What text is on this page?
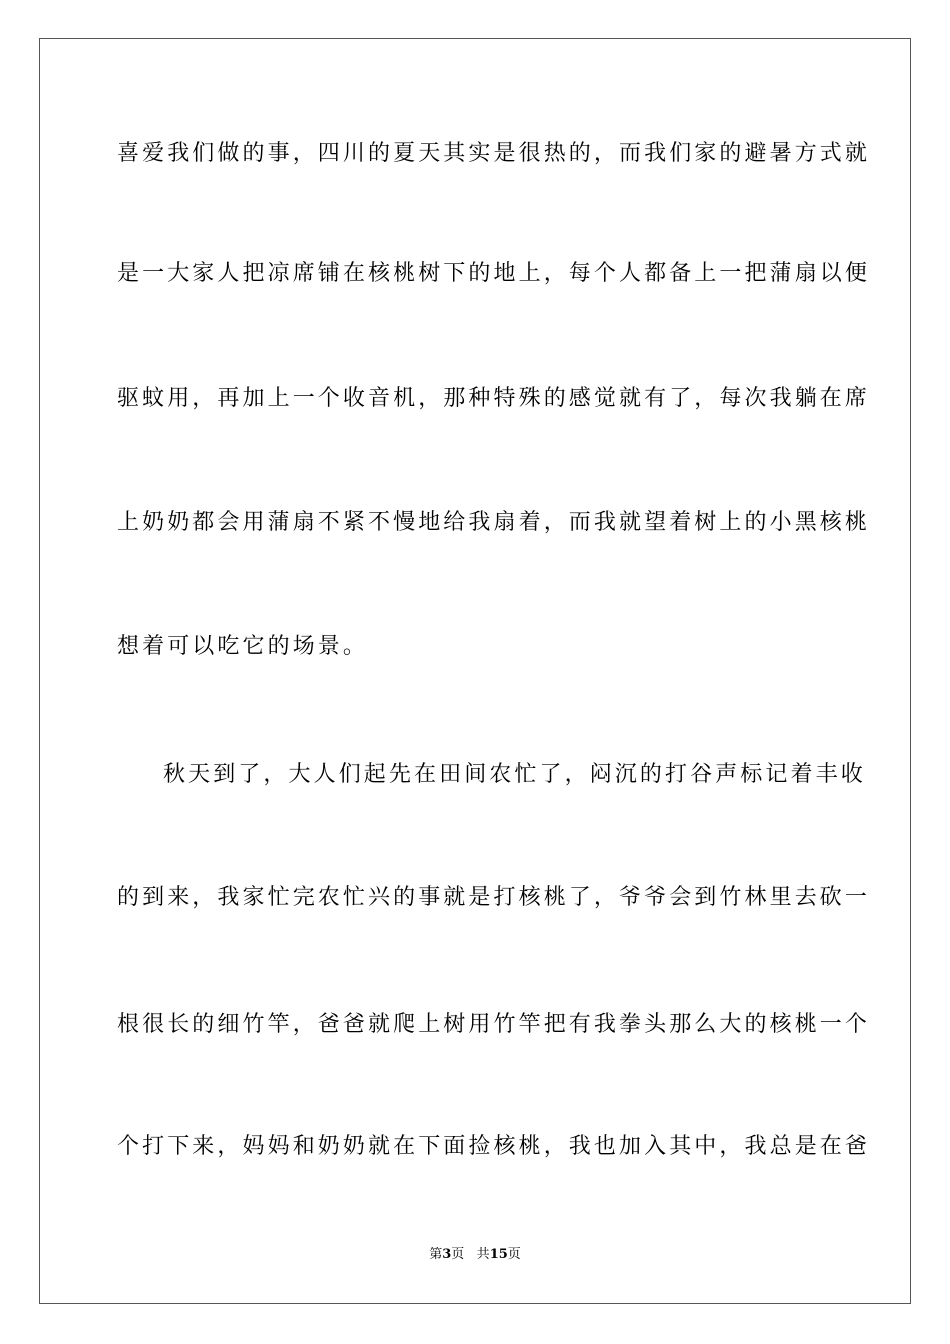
喜爱我们做的事，四川的夏天其实是很热的，而我们家的避暑方式就
是一大家人把凉席铺在核桃树下的地上，每个人都备上一把蒲扇以便
驱蚊用，再加上一个收音机，那种特殊的感觉就有了，每次我躺在席
上奶奶都会用蒲扇不紧不慢地给我扇着，而我就望着树上的小黑核桃
想着可以吃它的场景。
秋天到了，大人们起先在田间农忙了，闷沉的打谷声标记着丰收
的到来，我家忙完农忙兴的事就是打核桃了，爷爷会到竹林里去砍一
根很长的细竹竿，爸爸就爬上树用竹竿把有我拳头那么大的核桃一个
个打下来，妈妈和奶奶就在下面捡核桃，我也加入其中，我总是在爸
第3页 共15页
